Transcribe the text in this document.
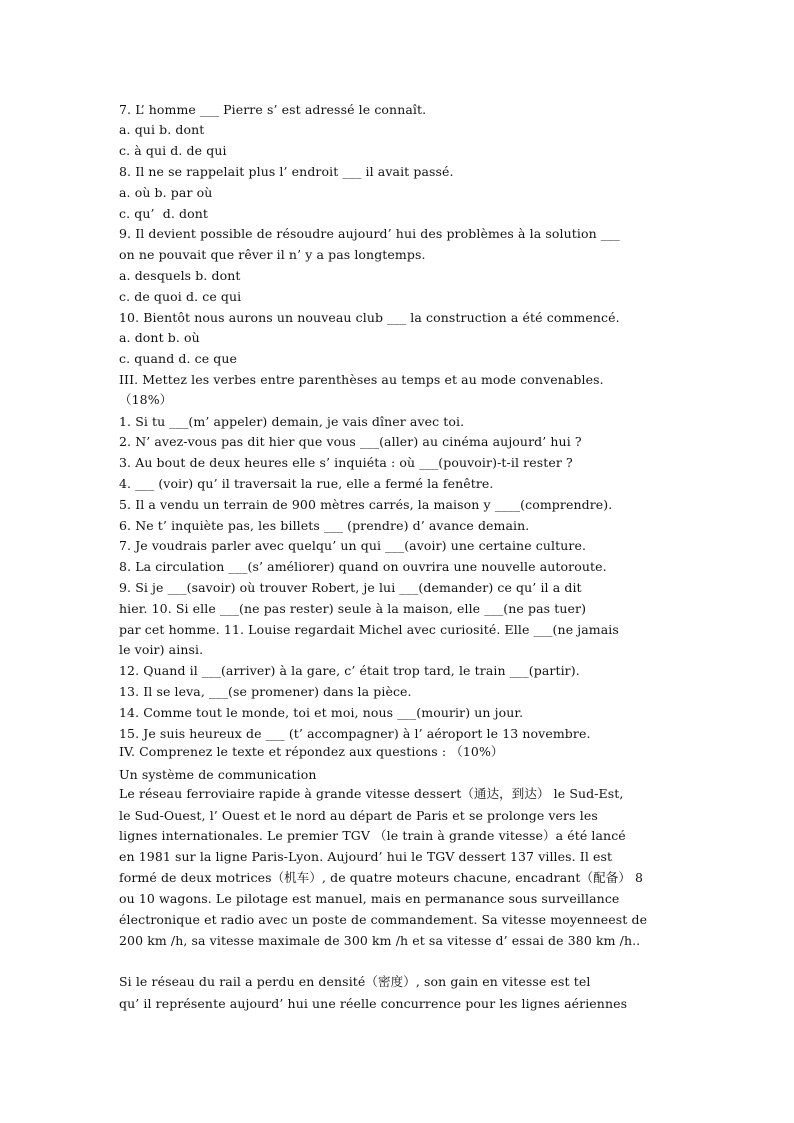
7. L’ homme ___ Pierre s’ est adressé le connaît.
a. qui b. dont
c. à qui d. de qui
8. Il ne se rappelait plus l’ endroit ___ il avait passé.
a. où b. par où
c. qu’  d. dont
9. Il devient possible de résoudre aujourd’ hui des problèmes à la solution ___
on ne pouvait que rêver il n’ y a pas longtemps.
a. desquels b. dont
c. de quoi d. ce qui
10. Bientôt nous aurons un nouveau club ___ la construction a été commencé.
a. dont b. où
c. quand d. ce que
III. Mettez les verbes entre parenthèses au temps et au mode convenables.
（18%）
1. Si tu ___(m’ appeler) demain, je vais dîner avec toi.
2. N’ avez-vous pas dit hier que vous ___(aller) au cinéma aujourd’ hui ?
3. Au bout de deux heures elle s’ inquiéta : où ___(pouvoir)-t-il rester ?
4. ___ (voir) qu’ il traversait la rue, elle a fermé la fenêtre.
5. Il a vendu un terrain de 900 mètres carrés, la maison y ____(comprendre).
6. Ne t’ inquiète pas, les billets ___ (prendre) d’ avance demain.
7. Je voudrais parler avec quelqu’ un qui ___(avoir) une certaine culture.
8. La circulation ___(s’ améliorer) quand on ouvrira une nouvelle autoroute.
9. Si je ___(savoir) où trouver Robert, je lui ___(demander) ce qu’ il a dit
hier. 10. Si elle ___(ne pas rester) seule à la maison, elle ___(ne pas tuer)
par cet homme. 11. Louise regardait Michel avec curiosité. Elle ___(ne jamais
le voir) ainsi.
12. Quand il ___(arriver) à la gare, c’ était trop tard, le train ___(partir).
13. Il se leva, ___(se promener) dans la pièce.
14. Comme tout le monde, toi et moi, nous ___(mourir) un jour.
15. Je suis heureux de ___ (t’ accompagner) à l’ aéroport le 13 novembre.
IV. Comprenez le texte et répondez aux questions : （10%）
Un système de communication
Le réseau ferroviaire rapide à grande vitesse dessert（通达，到达） le Sud-Est,
le Sud-Ouest, l’ Ouest et le nord au départ de Paris et se prolonge vers les
lignes internationales. Le premier TGV （le train à grande vitesse）a été lancé
en 1981 sur la ligne Paris-Lyon. Aujourd’ hui le TGV dessert 137 villes. Il est
formé de deux motrices（机车）, de quatre moteurs chacune, encadrant（配备） 8
ou 10 wagons. Le pilotage est manuel, mais en permanance sous surveillance
électronique et radio avec un poste de commandement. Sa vitesse moyenneest de
200 km /h, sa vitesse maximale de 300 km /h et sa vitesse d’ essai de 380 km /h..
Si le réseau du rail a perdu en densité（密度）, son gain en vitesse est tel
qu’ il représente aujourd’ hui une réelle concurrence pour les lignes aériennes
